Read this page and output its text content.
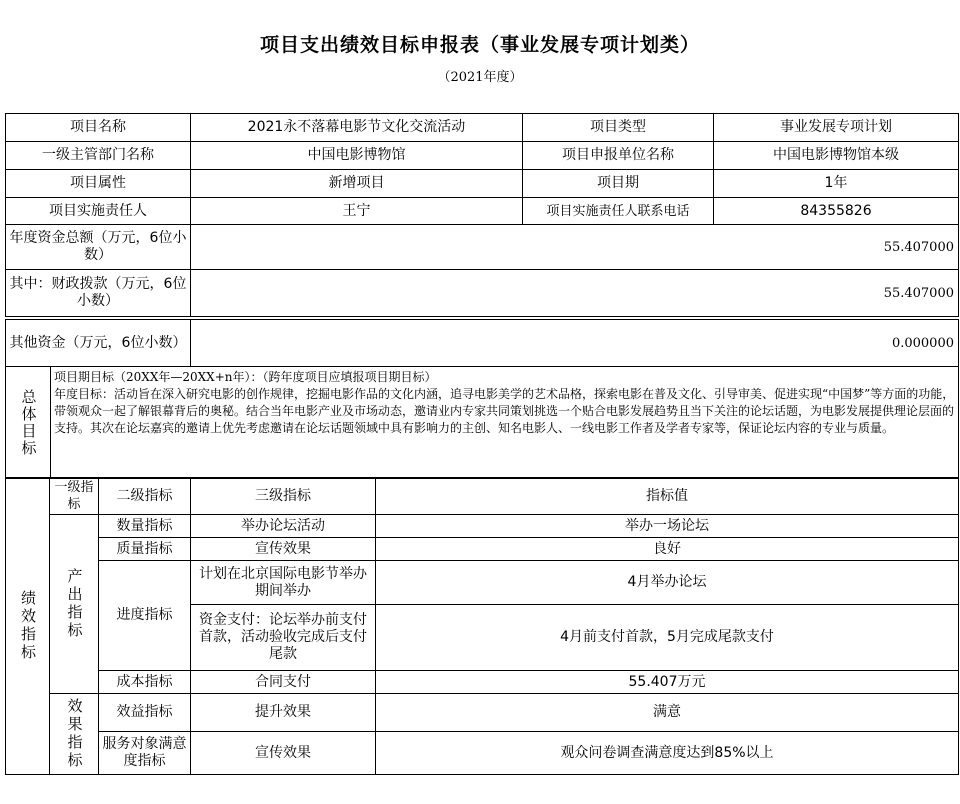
项目支出绩效目标申报表（事业发展专项计划类）
（2021年度）
项目名称	2021永不落幕电影节文化交流活动	项目类型	事业发展专项计划
一级主管部门名称	中国电影博物馆	项目申报单位名称	中国电影博物馆本级
项目属性	新增项目	项目期	1年
项目实施责任人	王宁	项目实施责任人联系电话	84355826
年度资金总额（万元，6位小数）	55.407000		
其中：财政拨款（万元，6位小数）	55.407000		
其他资金（万元，6位小数）	0.000000

总体目标
项目期目标（20XX年—20XX+n年）：（跨年度项目应填报项目期目标）
年度目标：活动旨在深入研究电影的创作规律，挖掘电影作品的文化内涵，追寻电影美学的艺术品格，探索电影在普及文化、引导审美、促进实现“中国梦”等方面的功能，带领观众一起了解银幕背后的奥秘。结合当年电影产业及市场动态，邀请业内专家共同策划挑选一个贴合电影发展趋势且当下关注的论坛话题，为电影发展提供理论层面的支持。其次在论坛嘉宾的邀请上优先考虑邀请在论坛话题领域中具有影响力的主创、知名电影人、一线电影工作者及学者专家等，保证论坛内容的专业与质量。
绩效指标	一级指标	二级指标	三级指标	指标值
	产出指标	数量指标	举办论坛活动	举办一场论坛
		质量指标	宣传效果	良好
		进度指标	计划在北京国际电影节举办期间举办	4月举办论坛
			资金支付：论坛举办前支付首款，活动验收完成后支付尾款	4月前支付首款，5月完成尾款支付
		成本指标	合同支付	55.407万元
	效果指标	效益指标	提升效果	满意
		服务对象满意度指标	宣传效果	观众问卷调查满意度达到85%以上
